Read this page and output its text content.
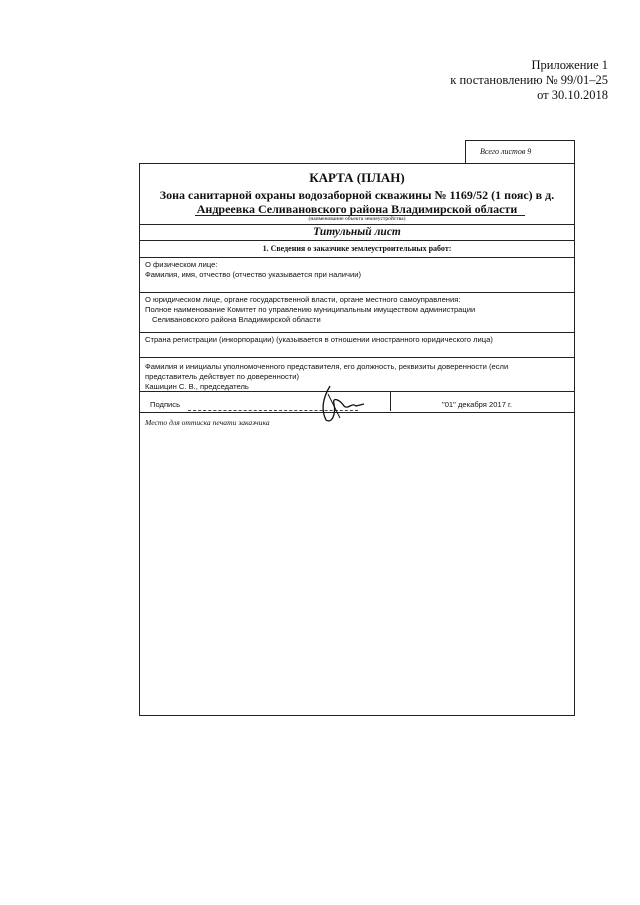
Приложение 1
к постановлению № 99/01–25
от 30.10.2018
Всего листов 9
КАРТА (ПЛАН)
Зона санитарной охраны водозаборной скважины № 1169/52 (1 пояс) в д.
Андреевка Селивановского района Владимирской области
(наименование объекта землеустройства)
Титульный лист
1. Сведения о заказчике землеустроительных работ:
О физическом лице:
Фамилия, имя, отчество (отчество указывается при наличии)
О юридическом лице, органе государственной власти, органе местного самоуправления:
Полное наименование Комитет по управлению муниципальным имуществом администрации
Селивановского района Владимирской области
Страна регистрации (инкорпорации) (указывается в отношении иностранного юридического лица)
Фамилия и инициалы уполномоченного представителя, его должность, реквизиты доверенности (если
представитель действует по доверенности)
Кашицин С. В., председатель
Подпись	"01" декабря 2017 г.
Место для оттиска печати заказчика
